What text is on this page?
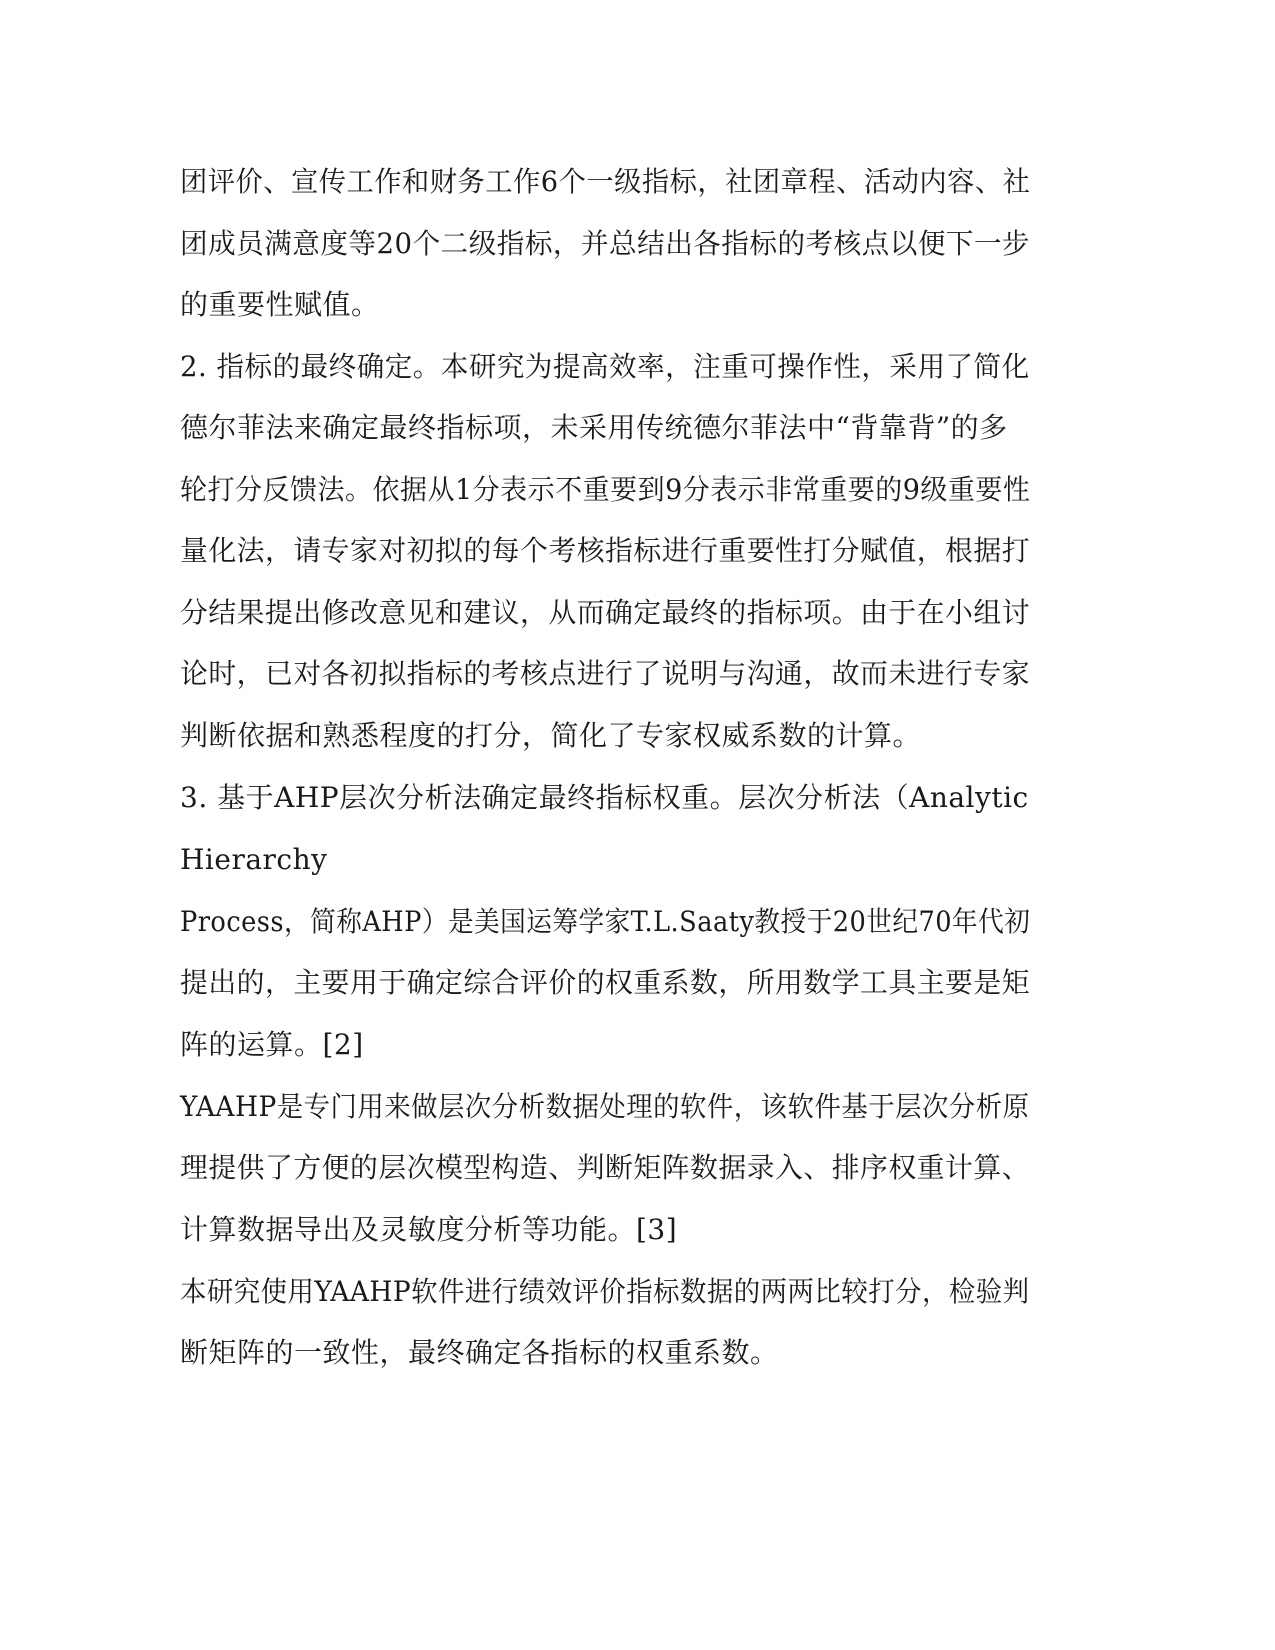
团评价、宣传工作和财务工作6个一级指标，社团章程、活动内容、社

团成员满意度等20个二级指标，并总结出各指标的考核点以便下一步

的重要性赋值。

2. 指标的最终确定。本研究为提高效率，注重可操作性，采用了简化

德尔菲法来确定最终指标项，未采用传统德尔菲法中“背靠背”的多

轮打分反馈法。依据从1分表示不重要到9分表示非常重要的9级重要性

量化法，请专家对初拟的每个考核指标进行重要性打分赋值，根据打

分结果提出修改意见和建议，从而确定最终的指标项。由于在小组讨

论时，已对各初拟指标的考核点进行了说明与沟通，故而未进行专家

判断依据和熟悉程度的打分，简化了专家权威系数的计算。

3. 基于AHP层次分析法确定最终指标权重。层次分析法（Analytic

Hierarchy

Process，简称AHP）是美国运筹学家T.L.Saaty教授于20世纪70年代初

提出的，主要用于确定综合评价的权重系数，所用数学工具主要是矩

阵的运算。[2]

YAAHP是专门用来做层次分析数据处理的软件，该软件基于层次分析原

理提供了方便的层次模型构造、判断矩阵数据录入、排序权重计算、

计算数据导出及灵敏度分析等功能。[3]

本研究使用YAAHP软件进行绩效评价指标数据的两两比较打分，检验判

断矩阵的一致性，最终确定各指标的权重系数。
